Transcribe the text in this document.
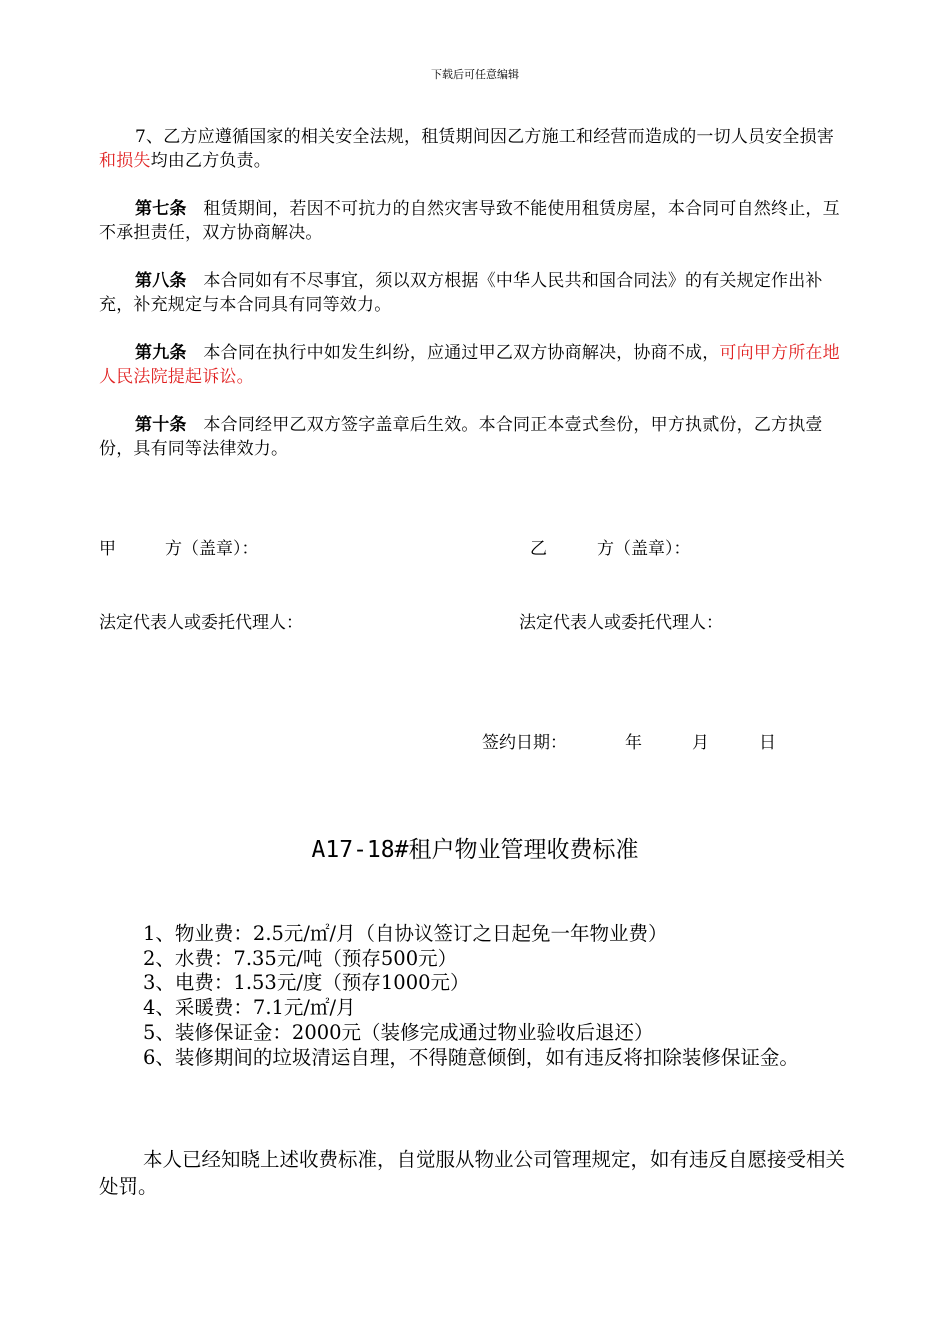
下载后可任意编辑
7、乙方应遵循国家的相关安全法规，租赁期间因乙方施工和经营而造成的一切人员安全损害和损失均由乙方负责。
第七条 租赁期间，若因不可抗力的自然灾害导致不能使用租赁房屋，本合同可自然终止，互不承担责任，双方协商解决。
第八条 本合同如有不尽事宜，须以双方根据《中华人民共和国合同法》的有关规定作出补充，补充规定与本合同具有同等效力。
第九条 本合同在执行中如发生纠纷，应通过甲乙双方协商解决，协商不成，可向甲方所在地人民法院提起诉讼。
第十条 本合同经甲乙双方签字盖章后生效。本合同正本壹式叁份，甲方执贰份，乙方执壹份，具有同等法律效力。
甲	方（盖章）：	乙	方（盖章）：
法定代表人或委托代理人：	法定代表人或委托代理人：
签约日期：	年	月	日
A17-18#租户物业管理收费标准
1、物业费：2.5元/㎡/月（自协议签订之日起免一年物业费）
2、水费：7.35元/吨（预存500元）
3、电费：1.53元/度（预存1000元）
4、采暖费：7.1元/㎡/月
5、装修保证金：2000元（装修完成通过物业验收后退还）
6、装修期间的垃圾清运自理，不得随意倾倒，如有违反将扣除装修保证金。
本人已经知晓上述收费标准，自觉服从物业公司管理规定，如有违反自愿接受相关处罚。
